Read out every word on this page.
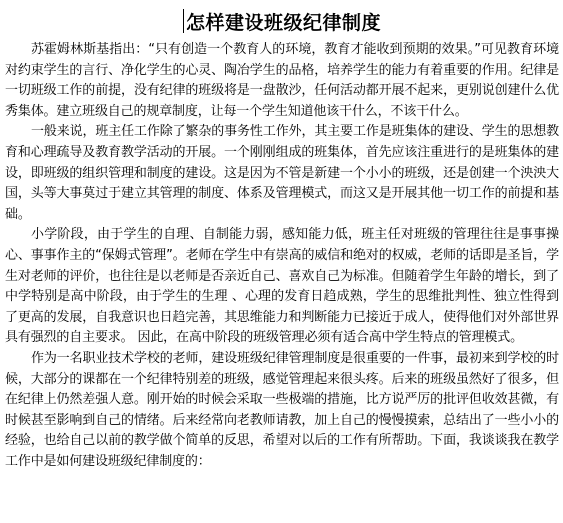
怎样建设班级纪律制度

苏霍姆林斯基指出：“只有创造一个教育人的环境，教育才能收到预期的效果。”可见教育环境对约束学生的言行、净化学生的心灵、陶冶学生的品格，培养学生的能力有着重要的作用。纪律是一切班级工作的前提，没有纪律的班级将是一盘散沙，任何活动都开展不起来，更别说创建什么优秀集体。建立班级自己的规章制度，让每一个学生知道他该干什么，不该干什么。

一般来说，班主任工作除了繁杂的事务性工作外，其主要工作是班集体的建设、学生的思想教育和心理疏导及教育教学活动的开展。一个刚刚组成的班集体，首先应该注重进行的是班集体的建设，即班级的组织管理和制度的建设。这是因为不管是新建一个小小的班级，还是创建一个泱泱大国，头等大事莫过于建立其管理的制度、体系及管理模式，而这又是开展其他一切工作的前提和基础。

小学阶段，由于学生的自理、自制能力弱，感知能力低，班主任对班级的管理往往是事事操心、事事作主的“保姆式管理”。老师在学生中有崇高的威信和绝对的权威，老师的话即是圣旨，学生对老师的评价，也往往是以老师是否亲近自己、喜欢自己为标准。但随着学生年龄的增长，到了中学特别是高中阶段，由于学生的生理 、心理的发育日趋成熟，学生的思维批判性、独立性得到了更高的发展，自我意识也日趋完善，其思维能力和判断能力已接近于成人，使得他们对外部世界具有强烈的自主要求。 因此，在高中阶段的班级管理必须有适合高中学生特点的管理模式。

作为一名职业技术学校的老师，建设班级纪律管理制度是很重要的一件事，最初来到学校的时候，大部分的课都在一个纪律特别差的班级，感觉管理起来很头疼。后来的班级虽然好了很多，但在纪律上仍然差强人意。刚开始的时候会采取一些极端的措施，比方说严厉的批评但收效甚微，有时候甚至影响到自己的情绪。后来经常向老教师请教，加上自己的慢慢摸索，总结出了一些小小的经验，也给自己以前的教学做个简单的反思，希望对以后的工作有所帮助。下面，我谈谈我在教学工作中是如何建设班级纪律制度的：
